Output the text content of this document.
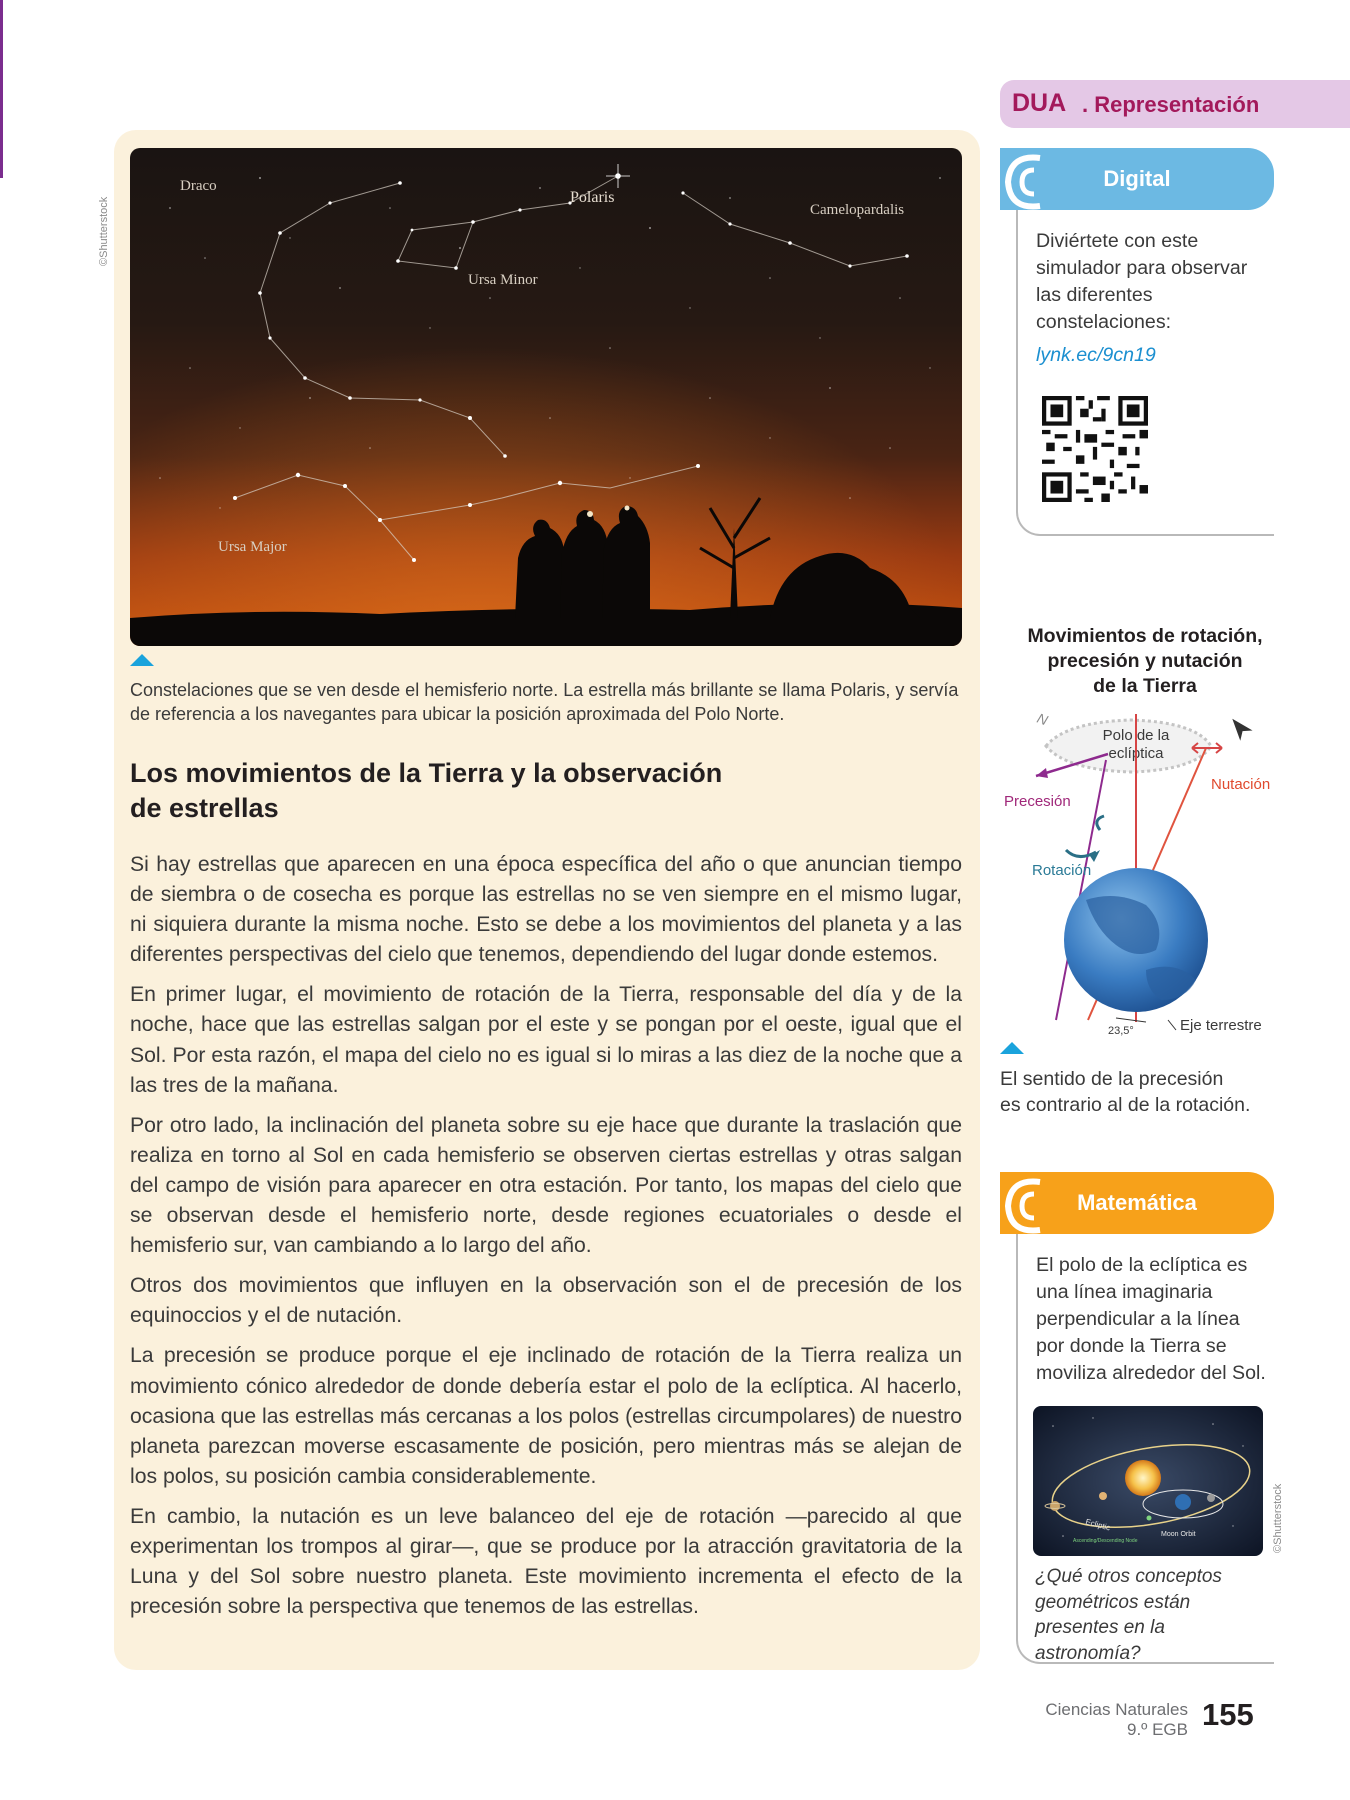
©Shutterstock
Draco
Polaris
Camelopardalis
Ursa Minor
Ursa Major
Constelaciones que se ven desde el hemisferio norte. La estrella más brillante se llama Polaris, y servía de referencia a los navegantes para ubicar la posición aproximada del Polo Norte.
Los movimientos de la Tierra y la observación
de estrellas

Si hay estrellas que aparecen en una época específica del año o que anuncian tiempo de siembra o de cosecha es porque las estrellas no se ven siempre en el mismo lugar, ni siquiera durante la misma noche. Esto se debe a los movimientos del planeta y a las diferentes perspectivas del cielo que tenemos, dependiendo del lugar donde estemos.

En primer lugar, el movimiento de rotación de la Tierra, responsable del día y de la noche, hace que las estrellas salgan por el este y se pongan por el oeste, igual que el Sol. Por esta razón, el mapa del cielo no es igual si lo miras a las diez de la noche que a las tres de la mañana.

Por otro lado, la inclinación del planeta sobre su eje hace que durante la traslación que realiza en torno al Sol en cada hemisferio se observen ciertas estrellas y otras salgan del campo de visión para aparecer en otra estación. Por tanto, los mapas del cielo que se observan desde el hemisferio norte, desde regiones ecuatoriales o desde el hemisferio sur, van cambiando a lo largo del año.

Otros dos movimientos que influyen en la observación son el de precesión de los equinoccios y el de nutación.

La precesión se produce porque el eje inclinado de rotación de la Tierra realiza un movimiento cónico alrededor de donde debería estar el polo de la eclíptica. Al hacerlo, ocasiona que las estrellas más cercanas a los polos (estrellas circumpolares) de nuestro planeta parezcan moverse escasamente de posición, pero mientras más se alejan de los polos, su posición cambia considerablemente.

En cambio, la nutación es un leve balanceo del eje de rotación —parecido al que experimentan los trompos al girar—, que se produce por la atracción gravitatoria de la Luna y del Sol sobre nuestro planeta. Este movimiento incrementa el efecto de la precesión sobre la perspectiva que tenemos de las estrellas.

DUA . Representación
Digital
Diviértete con este simulador para observar las diferentes constelaciones:
lynk.ec/9cn19
Movimientos de rotación,
precesión y nutación
de la Tierra
N
Polo de la
eclíptica
Precesión
Nutación
Rotación
23,5°	Eje terrestre
El sentido de la precesión
es contrario al de la rotación.
Matemática
El polo de la eclíptica es una línea imaginaria perpendicular a la línea por donde la Tierra se moviliza alrededor del Sol.
Ecliptic
Moon Orbit
Ascending/Descending Node	©Shutterstock
¿Qué otros conceptos geométricos están presentes en la astronomía?
Ciencias Naturales
9.º EGB 155
